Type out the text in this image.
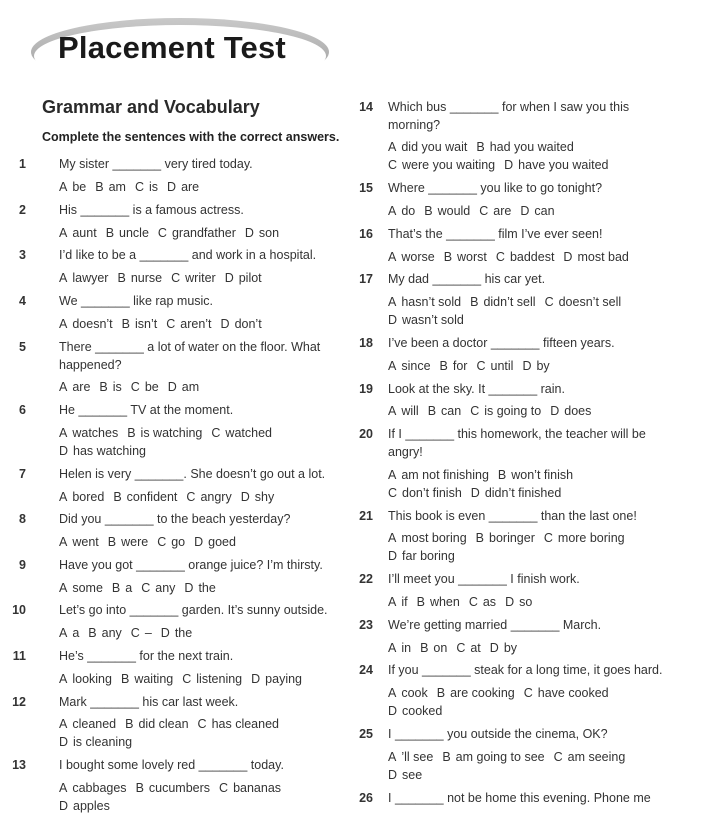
Placement Test
Grammar and Vocabulary
Complete the sentences with the correct answers.
1	My sister _______ very tired today.
A be B am C is D are
2	His _______ is a famous actress.
A aunt B uncle C grandfather D son
3	I’d like to be a _______ and work in a hospital.
A lawyer B nurse C writer D pilot
4	We _______ like rap music.
A doesn’t B isn’t C aren’t D don’t
5	There _______ a lot of water on the floor. What happened?
A are B is C be D am
6	He _______ TV at the moment.
A watches B is watching C watched
D has watching
7	Helen is very _______. She doesn’t go out a lot.
A bored B confident C angry D shy
8	Did you _______ to the beach yesterday?
A went B were C go D goed
9	Have you got _______ orange juice? I’m thirsty.
A some B a C any D the
10	Let’s go into _______ garden. It’s sunny outside.
A a B any C – D the
11	He’s _______ for the next train.
A looking B waiting C listening D paying
12	Mark _______ his car last week.
A cleaned B did clean C has cleaned
D is cleaning
13	I bought some lovely red _______ today.
A cabbages B cucumbers C bananas
D apples
14 Which bus _______ for when I saw you this morning?
A did you wait B had you waited
C were you waiting D have you waited
15 Where _______ you like to go tonight?
A do B would C are D can
16 That’s the _______ film I’ve ever seen!
A worse B worst C baddest D most bad
17 My dad _______ his car yet.
A hasn’t sold B didn’t sell C doesn’t sell
D wasn’t sold
18 I’ve been a doctor _______ fifteen years.
A since B for C until D by
19 Look at the sky. It _______ rain.
A will B can C is going to D does
20 If I _______ this homework, the teacher will be angry!
A am not finishing B won’t finish
C don’t finish D didn’t finished
21 This book is even _______ than the last one!
A most boring B boringer C more boring
D far boring
22 I’ll meet you _______ I finish work.
A if B when C as D so
23 We’re getting married _______ March.
A in B on C at D by
24 If you _______ steak for a long time, it goes hard.
A cook B are cooking C have cooked
D cooked
25 I _______ you outside the cinema, OK?
A ’ll see B am going to see C am seeing
D see
26 I _______ not be home this evening. Phone me
